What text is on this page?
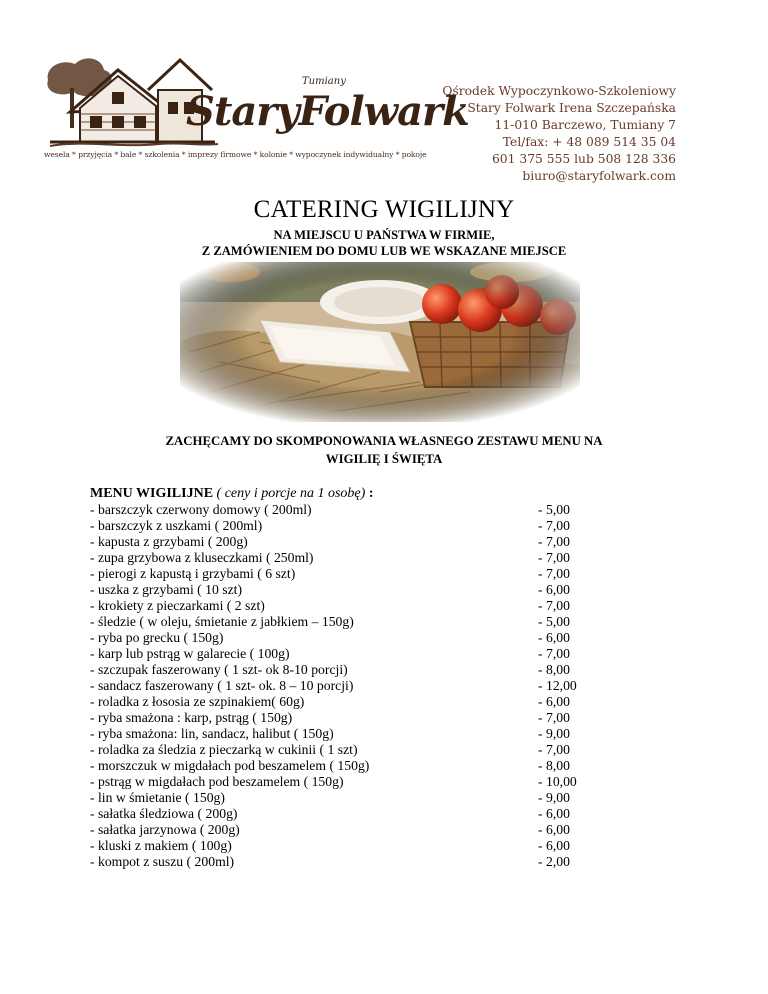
StaryFolwark
Tumiany
wesela * przyjęcia * bale * szkolenia * imprezy firmowe * kolonie * wypoczynek indywidualny * pokoje
Ośrodek Wypoczynkowo-Szkoleniowy
Stary Folwark Irena Szczepańska
11-010 Barczewo, Tumiany 7
Tel/fax: + 48 089 514 35 04
601 375 555 lub 508 128 336
biuro@staryfolwark.com
CATERING WIGILIJNY
NA MIEJSCU U PAŃSTWA W FIRMIE,
Z ZAMÓWIENIEM DO DOMU LUB WE WSKAZANE MIEJSCE
ZACHĘCAMY DO SKOMPONOWANIA WŁASNEGO ZESTAWU MENU NA
WIGILIĘ I ŚWIĘTA
MENU WIGILIJNE ( ceny i porcje na 1 osobę) :
- barszczyk czerwony domowy ( 200ml)	- 5,00
- barszczyk z uszkami ( 200ml)	- 7,00
- kapusta z grzybami ( 200g)	- 7,00
- zupa grzybowa z kluseczkami ( 250ml)	- 7,00
- pierogi z kapustą i grzybami ( 6 szt)	- 7,00
- uszka z grzybami ( 10 szt)	- 6,00
- krokiety z pieczarkami ( 2 szt)	- 7,00
- śledzie ( w oleju, śmietanie z jabłkiem – 150g)	- 5,00
- ryba po grecku ( 150g)	- 6,00
- karp lub pstrąg w galarecie ( 100g)	- 7,00
- szczupak faszerowany ( 1 szt- ok 8-10 porcji)	- 8,00
- sandacz faszerowany ( 1 szt- ok. 8 – 10 porcji)	- 12,00
- roladka z łososia ze szpinakiem( 60g)	- 6,00
- ryba smażona : karp, pstrąg ( 150g)	- 7,00
- ryba smażona: lin, sandacz, halibut ( 150g)	- 9,00
- roladka za śledzia z pieczarką w cukinii ( 1 szt)	- 7,00
- morszczuk w migdałach pod beszamelem ( 150g)	- 8,00
- pstrąg w migdałach pod beszamelem ( 150g)	- 10,00
- lin w śmietanie ( 150g)	- 9,00
- sałatka śledziowa ( 200g)	- 6,00
- sałatka jarzynowa ( 200g)	- 6,00
- kluski z makiem ( 100g)	- 6,00
- kompot z suszu ( 200ml)	- 2,00
